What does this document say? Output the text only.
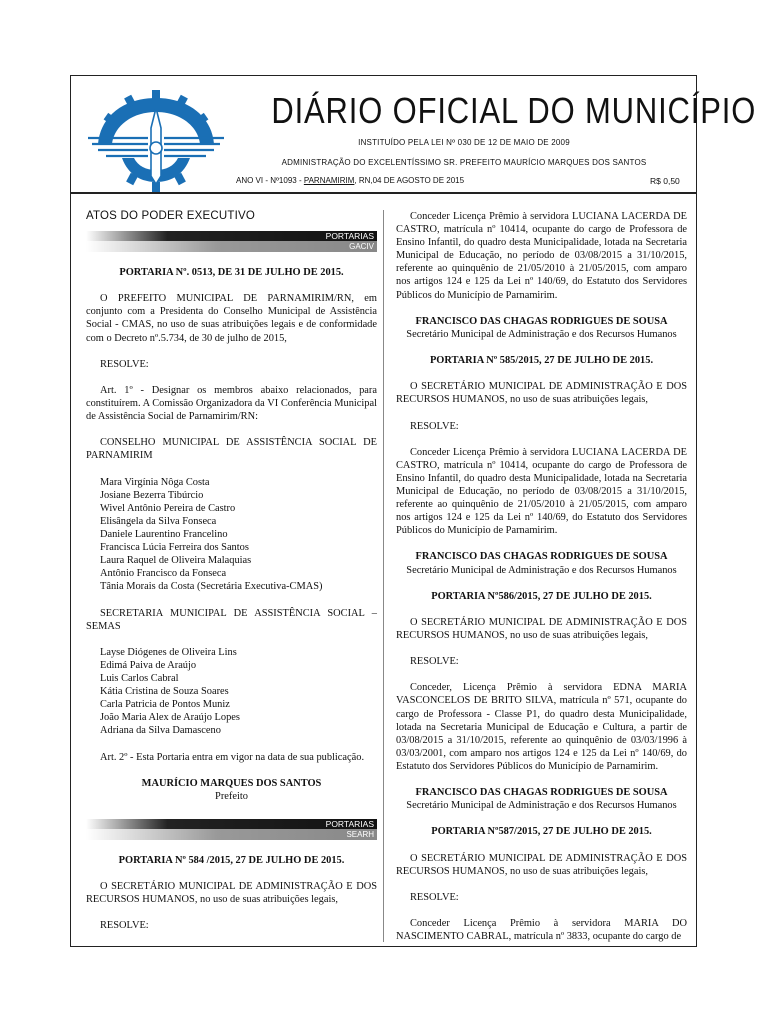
DIÁRIO OFICIAL DO MUNICÍPIO
INSTITUÍDO PELA LEI Nº 030 DE 12 DE MAIO DE 2009
ADMINISTRAÇÃO DO EXCELENTÍSSIMO SR. PREFEITO MAURÍCIO MARQUES DOS SANTOS
ANO VI - Nº1093 - PARNAMIRIM, RN,04 DE AGOSTO DE 2015	R$ 0,50

ATOS DO PODER EXECUTIVO

PORTARIAS
GACIV

PORTARIA Nº. 0513, DE 31 DE JULHO DE 2015.

O PREFEITO MUNICIPAL DE PARNAMIRIM/RN, em conjunto com a Presidenta do Conselho Municipal de Assistência Social - CMAS, no uso de suas atribuições legais e de conformidade com o Decreto nº.5.734, de 30 de julho de 2015,

RESOLVE:

Art. 1º - Designar os membros abaixo relacionados, para constituírem. A Comissão Organizadora da VI Conferência Municipal de Assistência Social de Parnamirim/RN:

CONSELHO MUNICIPAL DE ASSISTÊNCIA SOCIAL DE PARNAMIRIM

Mara Virgínia Nôga Costa
Josiane Bezerra Tibúrcio
Wivel Antônio Pereira de Castro
Elisângela da Silva Fonseca
Daniele Laurentino Francelino
Francisca Lúcia Ferreira dos Santos
Laura Raquel de Oliveira Malaquias
Antônio Francisco da Fonseca
Tânia Morais da Costa (Secretária Executiva-CMAS)

SECRETARIA MUNICIPAL DE ASSISTÊNCIA SOCIAL – SEMAS

Layse Diógenes de Oliveira Lins
Edimá Paiva de Araújo
Luis Carlos Cabral
Kátia Cristina de Souza Soares
Carla Patricia de Pontos Muniz
João Maria Alex de Araújo Lopes
Adriana da Silva Damasceno

Art. 2º - Esta Portaria entra em vigor na data de sua publicação.

MAURÍCIO MARQUES DOS SANTOS
Prefeito

PORTARIAS
SEARH

PORTARIA Nº 584 /2015, 27 DE JULHO DE 2015.

O SECRETÁRIO MUNICIPAL DE ADMINISTRAÇÃO E DOS RECURSOS HUMANOS, no uso de suas atribuições legais,

RESOLVE:

Conceder Licença Prêmio à servidora LUCIANA LACERDA DE CASTRO, matrícula nº 10414, ocupante do cargo de Professora de Ensino Infantil, do quadro desta Municipalidade, lotada na Secretaria Municipal de Educação, no período de 03/08/2015 a 31/10/2015, referente ao quinquênio de 21/05/2010 à 21/05/2015, com amparo nos artigos 124 e 125 da Lei nº 140/69, do Estatuto dos Servidores Públicos do Município de Parnamirim.

FRANCISCO DAS CHAGAS RODRIGUES DE SOUSA
Secretário Municipal de Administração e dos Recursos Humanos

PORTARIA Nº 585/2015, 27 DE JULHO DE 2015.

O SECRETÁRIO MUNICIPAL DE ADMINISTRAÇÃO E DOS RECURSOS HUMANOS, no uso de suas atribuições legais,

RESOLVE:

Conceder Licença Prêmio à servidora LUCIANA LACERDA DE CASTRO, matrícula nº 10414, ocupante do cargo de Professora de Ensino Infantil, do quadro desta Municipalidade, lotada na Secretaria Municipal de Educação, no período de 03/08/2015 a 31/10/2015, referente ao quinquênio de 21/05/2010 à 21/05/2015, com amparo nos artigos 124 e 125 da Lei nº 140/69, do Estatuto dos Servidores Públicos do Município de Parnamirim.

FRANCISCO DAS CHAGAS RODRIGUES DE SOUSA
Secretário Municipal de Administração e dos Recursos Humanos

PORTARIA Nº586/2015, 27 DE JULHO DE 2015.

O SECRETÁRIO MUNICIPAL DE ADMINISTRAÇÃO E DOS RECURSOS HUMANOS, no uso de suas atribuições legais,

RESOLVE:

Conceder, Licença Prêmio à servidora EDNA MARIA VASCONCELOS DE BRITO SILVA, matrícula nº 571, ocupante do cargo de Professora - Classe P1, do quadro desta Municipalidade, lotada na Secretaria Municipal de Educação e Cultura, a partir de 03/08/2015 a 31/10/2015, referente ao quinquênio de 03/03/1996 à 03/03/2001, com amparo nos artigos 124 e 125 da Lei nº 140/69, do Estatuto dos Servidores Públicos do Município de Parnamirim.

FRANCISCO DAS CHAGAS RODRIGUES DE SOUSA
Secretário Municipal de Administração e dos Recursos Humanos

PORTARIA Nº587/2015, 27 DE JULHO DE 2015.

O SECRETÁRIO MUNICIPAL DE ADMINISTRAÇÃO E DOS RECURSOS HUMANOS, no uso de suas atribuições legais,

RESOLVE:

Conceder Licença Prêmio à servidora MARIA DO NASCIMENTO CABRAL, matrícula nº 3833, ocupante do cargo de
